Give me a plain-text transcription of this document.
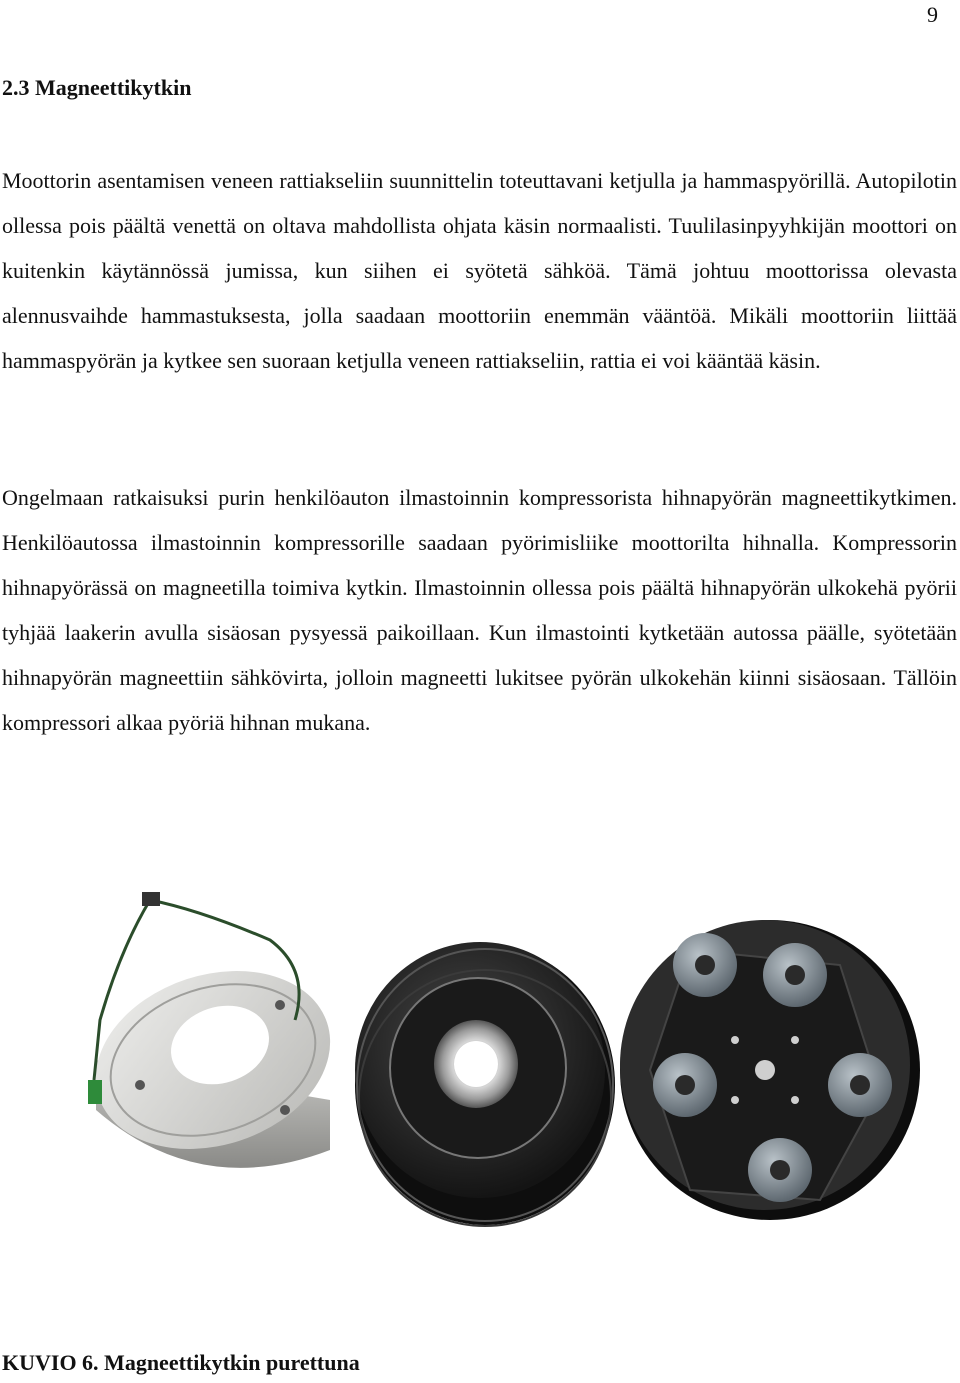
9
2.3 Magneettikytkin

Moottorin asentamisen veneen rattiakseliin suunnittelin toteuttavani ketjulla ja hammaspyörillä. Autopilotin ollessa pois päältä venettä on oltava mahdollista ohjata käsin normaalisti. Tuulilasinpyyhkijän moottori on kuitenkin käytännössä jumissa, kun siihen ei syötetä sähköä. Tämä johtuu moottorissa olevasta alennusvaihde hammastuksesta, jolla saadaan moottoriin enemmän vääntöä. Mikäli moottoriin liittää hammaspyörän ja kytkee sen suoraan ketjulla veneen rattiakseliin, rattia ei voi kääntää käsin.

Ongelmaan ratkaisuksi purin henkilöauton ilmastoinnin kompressorista hihnapyörän magneettikytkimen. Henkilöautossa ilmastoinnin kompressorille saadaan pyörimisliike moottorilta hihnalla. Kompressorin hihnapyörässä on magneetilla toimiva kytkin. Ilmastoinnin ollessa pois päältä hihnapyörän ulkokehä pyörii tyhjää laakerin avulla sisäosan pysyessä paikoillaan. Kun ilmastointi kytketään autossa päälle, syötetään hihnapyörän magneettiin sähkövirta, jolloin magneetti lukitsee pyörän ulkokehän kiinni sisäosaan. Tällöin kompressori alkaa pyöriä hihnan mukana.

KUVIO 6. Magneettikytkin purettuna
